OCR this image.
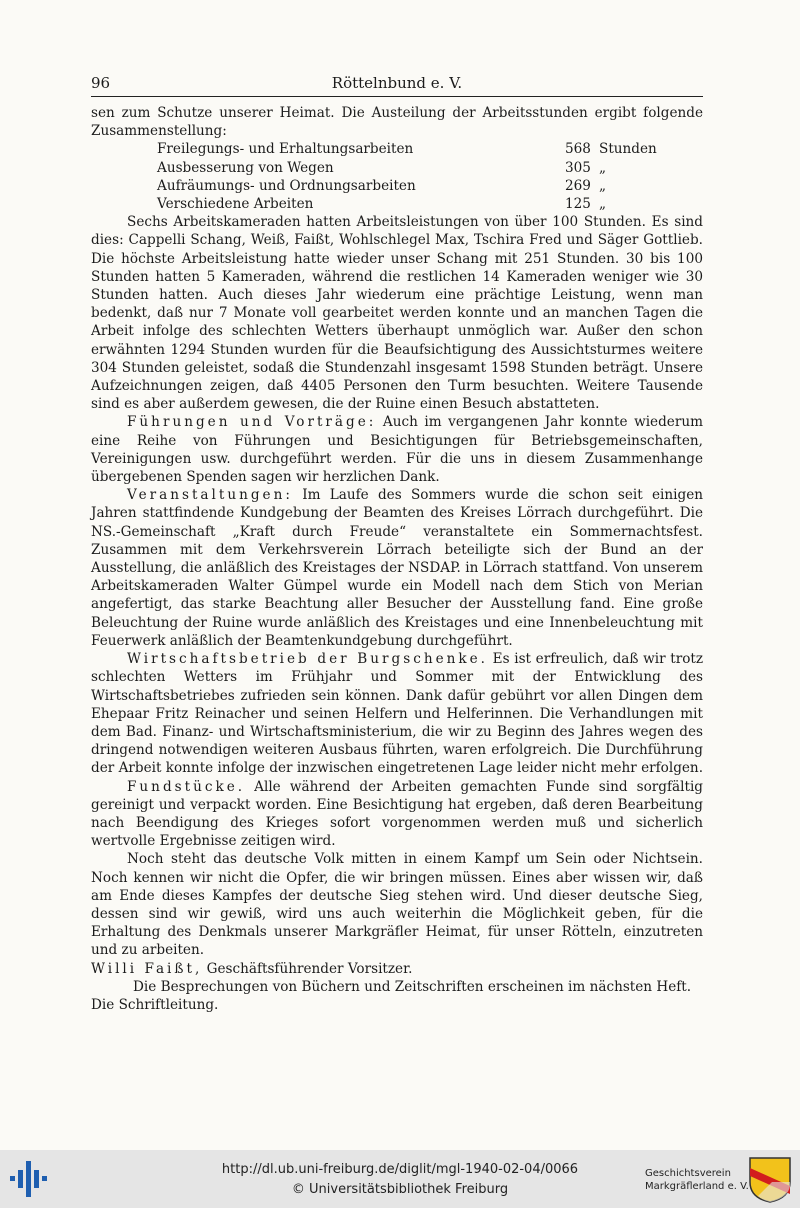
Röttelnbund e. V.
96

sen zum Schutze unserer Heimat. Die Austeilung der Arbeitsstunden ergibt folgende Zusammenstellung:

Freilegungs- und Erhaltungsarbeiten	568	Stunden
Ausbesserung von Wegen	305	„
Aufräumungs- und Ordnungsarbeiten	269	„
Verschiedene Arbeiten	125	„

Sechs Arbeitskameraden hatten Arbeitsleistungen von über 100 Stunden. Es sind dies: Cappelli Schang, Weiß, Faißt, Wohlschlegel Max, Tschira Fred und Säger Gottlieb. Die höchste Arbeitsleistung hatte wieder unser Schang mit 251 Stunden. 30 bis 100 Stunden hatten 5 Kameraden, während die restlichen 14 Kameraden weniger wie 30 Stunden hatten. Auch dieses Jahr wiederum eine prächtige Leistung, wenn man bedenkt, daß nur 7 Monate voll gearbeitet werden konnte und an manchen Tagen die Arbeit infolge des schlechten Wetters überhaupt unmöglich war. Außer den schon erwähnten 1294 Stunden wurden für die Beaufsichtigung des Aussichtsturmes weitere 304 Stunden geleistet, sodaß die Stundenzahl insgesamt 1598 Stunden beträgt. Unsere Aufzeichnungen zeigen, daß 4405 Personen den Turm besuchten. Weitere Tausende sind es aber außerdem gewesen, die der Ruine einen Besuch abstatteten.

Führungen und Vorträge: Auch im vergangenen Jahr konnte wiederum eine Reihe von Führungen und Besichtigungen für Betriebsgemeinschaften, Vereinigungen usw. durchgeführt werden. Für die uns in diesem Zusammenhange übergebenen Spenden sagen wir herzlichen Dank.

Veranstaltungen: Im Laufe des Sommers wurde die schon seit einigen Jahren stattfindende Kundgebung der Beamten des Kreises Lörrach durchgeführt. Die NS.-Gemeinschaft „Kraft durch Freude“ veranstaltete ein Sommernachtsfest. Zusammen mit dem Verkehrsverein Lörrach beteiligte sich der Bund an der Ausstellung, die anläßlich des Kreistages der NSDAP. in Lörrach stattfand. Von unserem Arbeitskameraden Walter Gümpel wurde ein Modell nach dem Stich von Merian angefertigt, das starke Beachtung aller Besucher der Ausstellung fand. Eine große Beleuchtung der Ruine wurde anläßlich des Kreistages und eine Innenbeleuchtung mit Feuerwerk anläßlich der Beamtenkundgebung durchgeführt.

Wirtschaftsbetrieb der Burgschenke. Es ist erfreulich, daß wir trotz schlechten Wetters im Frühjahr und Sommer mit der Entwicklung des Wirtschaftsbetriebes zufrieden sein können. Dank dafür gebührt vor allen Dingen dem Ehepaar Fritz Reinacher und seinen Helfern und Helferinnen. Die Verhandlungen mit dem Bad. Finanz- und Wirtschaftsministerium, die wir zu Beginn des Jahres wegen des dringend notwendigen weiteren Ausbaus führten, waren erfolgreich. Die Durchführung der Arbeit konnte infolge der inzwischen eingetretenen Lage leider nicht mehr erfolgen.

Fundstücke. Alle während der Arbeiten gemachten Funde sind sorgfältig gereinigt und verpackt worden. Eine Besichtigung hat ergeben, daß deren Bearbeitung nach Beendigung des Krieges sofort vorgenommen werden muß und sicherlich wertvolle Ergebnisse zeitigen wird.

Noch steht das deutsche Volk mitten in einem Kampf um Sein oder Nichtsein. Noch kennen wir nicht die Opfer, die wir bringen müssen. Eines aber wissen wir, daß am Ende dieses Kampfes der deutsche Sieg stehen wird. Und dieser deutsche Sieg, dessen sind wir gewiß, wird uns auch weiterhin die Möglichkeit geben, für die Erhaltung des Denkmals unserer Markgräfler Heimat, für unser Rötteln, einzutreten und zu arbeiten.

Willi Faißt, Geschäftsführender Vorsitzer.

Die Besprechungen von Büchern und Zeitschriften erscheinen im nächsten Heft.

Die Schriftleitung.

http://dl.ub.uni-freiburg.de/diglit/mgl-1940-02-04/0066
© Universitätsbibliothek Freiburg
Geschichtsverein
Markgräflerland e. V.
